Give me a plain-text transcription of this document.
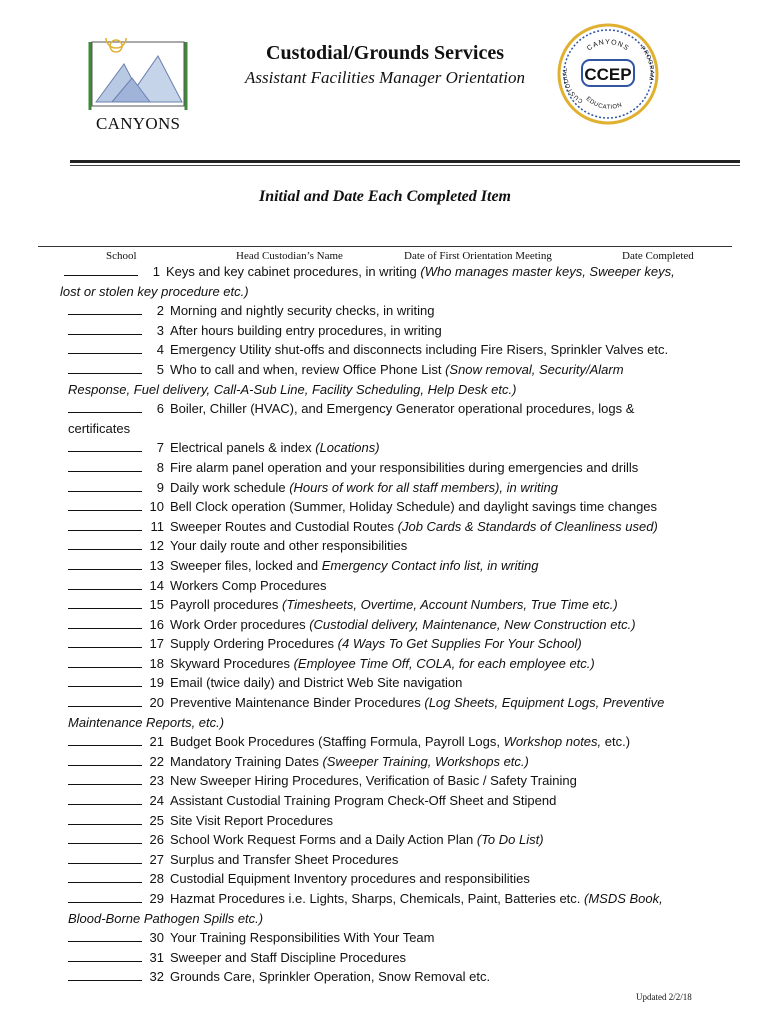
CANYONS
Custodial/Grounds Services
Assistant Facilities Manager Orientation	CCEP
CANYONS
CUSTODIAL
EDUCATION
PROGRAM
Initial and Date Each Completed Item
School	Head Custodian’s Name	Date of First Orientation Meeting	Date Completed
1 Keys and key cabinet procedures, in writing (Who manages master keys, Sweeper keys,
lost or stolen key procedure etc.)
2 Morning and nightly security checks, in writing
3 After hours building entry procedures, in writing
4 Emergency Utility shut-offs and disconnects including Fire Risers, Sprinkler Valves etc.
5 Who to call and when, review Office Phone List (Snow removal, Security/Alarm
Response, Fuel delivery, Call-A-Sub Line, Facility Scheduling, Help Desk etc.)
6 Boiler, Chiller (HVAC), and Emergency Generator operational procedures, logs &
certificates
7 Electrical panels & index (Locations)
8 Fire alarm panel operation and your responsibilities during emergencies and drills
9 Daily work schedule (Hours of work for all staff members), in writing
10 Bell Clock operation (Summer, Holiday Schedule) and daylight savings time changes
11 Sweeper Routes and Custodial Routes (Job Cards & Standards of Cleanliness used)
12 Your daily route and other responsibilities
13 Sweeper files, locked and Emergency Contact info list, in writing
14 Workers Comp Procedures
15 Payroll procedures (Timesheets, Overtime, Account Numbers, True Time etc.)
16 Work Order procedures (Custodial delivery, Maintenance, New Construction etc.)
17 Supply Ordering Procedures (4 Ways To Get Supplies For Your School)
18 Skyward Procedures (Employee Time Off, COLA, for each employee etc.)
19 Email (twice daily) and District Web Site navigation
20 Preventive Maintenance Binder Procedures (Log Sheets, Equipment Logs, Preventive
Maintenance Reports, etc.)
21 Budget Book Procedures (Staffing Formula, Payroll Logs, Workshop notes, etc.)
22 Mandatory Training Dates (Sweeper Training, Workshops etc.)
23 New Sweeper Hiring Procedures, Verification of Basic / Safety Training
24 Assistant Custodial Training Program Check-Off Sheet and Stipend
25 Site Visit Report Procedures
26 School Work Request Forms and a Daily Action Plan (To Do List)
27 Surplus and Transfer Sheet Procedures
28 Custodial Equipment Inventory procedures and responsibilities
29 Hazmat Procedures i.e. Lights, Sharps, Chemicals, Paint, Batteries etc. (MSDS Book,
Blood-Borne Pathogen Spills etc.)
30 Your Training Responsibilities With Your Team
31 Sweeper and Staff Discipline Procedures
32 Grounds Care, Sprinkler Operation, Snow Removal etc.
Updated 2/2/18
